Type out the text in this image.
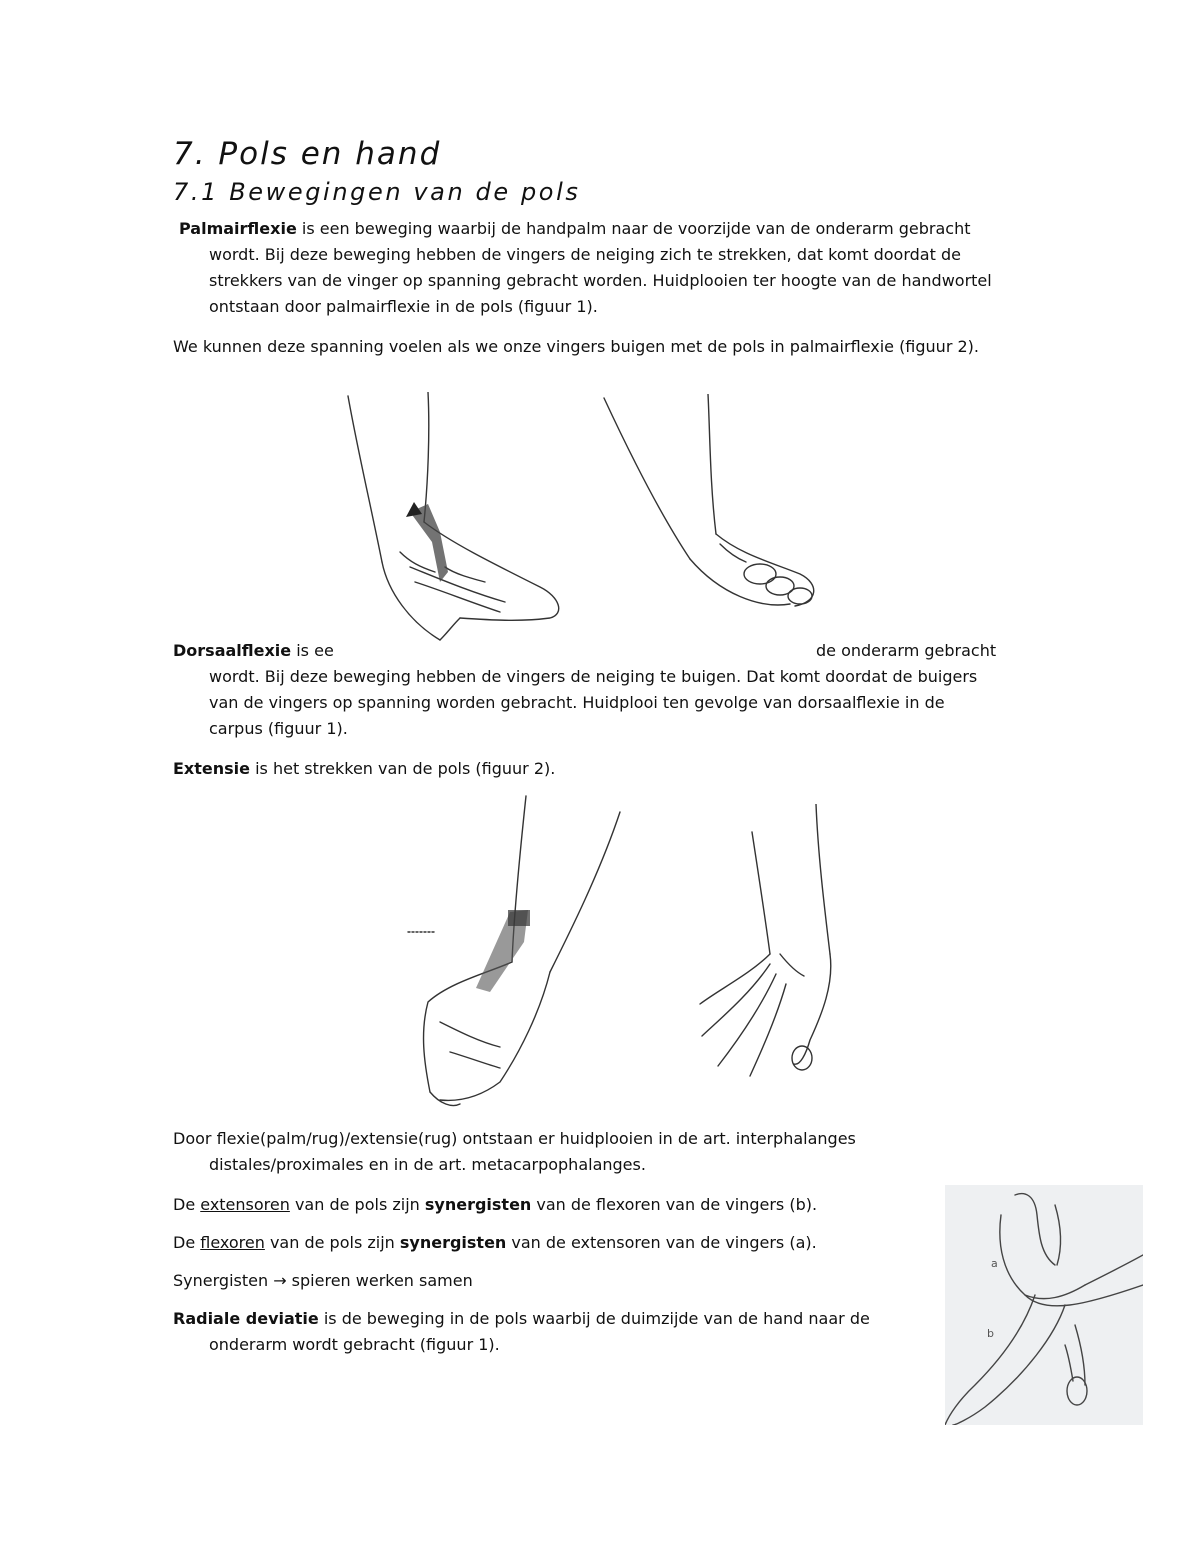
7. Pols en hand
7.1 Bewegingen van de pols

Palmairflexie is een beweging waarbij de handpalm naar de voorzijde van de onderarm gebracht
wordt. Bij deze beweging hebben de vingers de neiging zich te strekken, dat komt doordat de
strekkers van de vinger op spanning gebracht worden. Huidplooien ter hoogte van de handwortel
ontstaan door palmairflexie in de pols (figuur 1).

We kunnen deze spanning voelen als we onze vingers buigen met de pols in palmairflexie (figuur 2).

Dorsaalflexie is ee	de onderarm gebracht
wordt. Bij deze beweging hebben de vingers de neiging te buigen. Dat komt doordat de buigers
van de vingers op spanning worden gebracht. Huidplooi ten gevolge van dorsaalflexie in de
carpus (figuur 1).

Extensie is het strekken van de pols (figuur 2).

Door flexie(palm/rug)/extensie(rug) ontstaan er huidplooien in de art. interphalanges
distales/proximales en in de art. metacarpophalanges.

De extensoren van de pols zijn synergisten van de flexoren van de vingers (b).

De flexoren van de pols zijn synergisten van de extensoren van de vingers (a).

Synergisten → spieren werken samen

Radiale deviatie is de beweging in de pols waarbij de duimzijde van de hand naar de
onderarm wordt gebracht (figuur 1).

a
b
